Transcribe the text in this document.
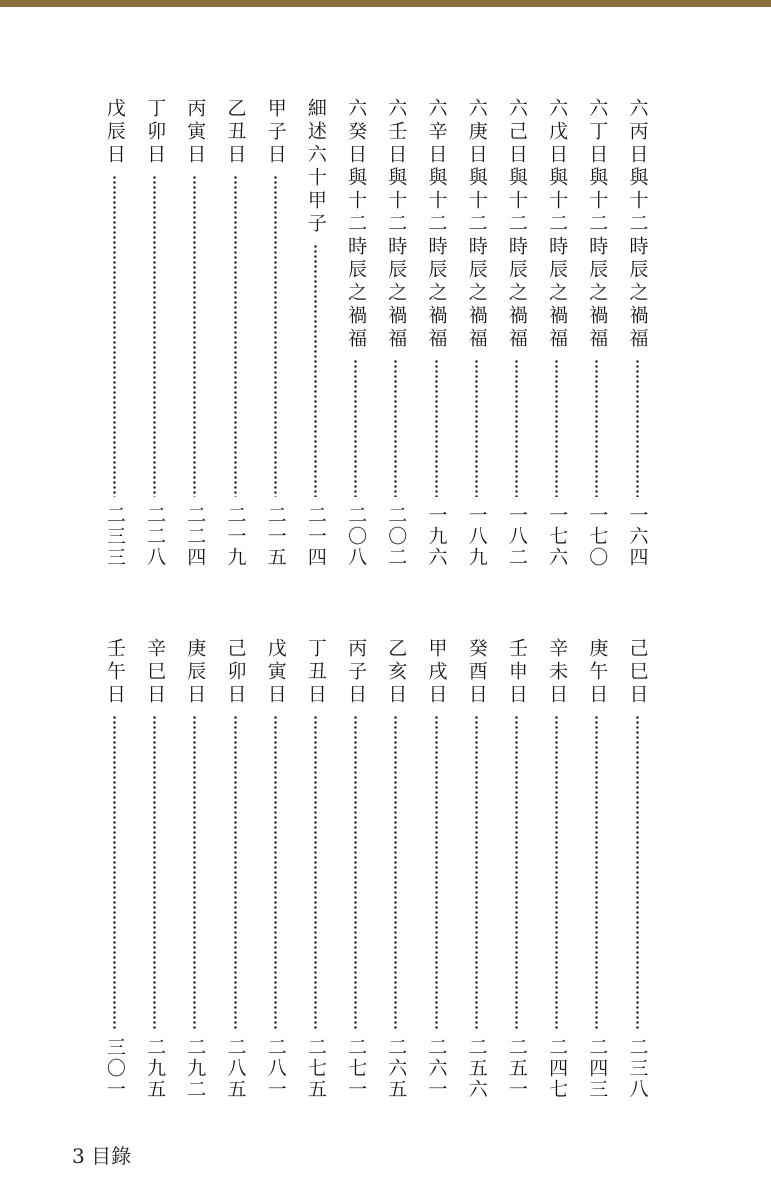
六丙日與十二時辰之禍福
一六四
六丁日與十二時辰之禍福
一七〇
六戊日與十二時辰之禍福
一七六
六己日與十二時辰之禍福
一八二
六庚日與十二時辰之禍福
一八九
六辛日與十二時辰之禍福
一九六
六壬日與十二時辰之禍福
二〇二
六癸日與十二時辰之禍福
二〇八
細述六十甲子
二一四
甲子日
二一五
乙丑日
二一九
丙寅日
二二四
丁卯日
二二八
戊辰日
二三三
己巳日
二三八
庚午日
二四三
辛未日
二四七
壬申日
二五一
癸酉日
二五六
甲戌日
二六一
乙亥日
二六五
丙子日
二七一
丁丑日
二七五
戊寅日
二八一
己卯日
二八五
庚辰日
二九二
辛巳日
二九五
壬午日
三〇一
3 目錄
